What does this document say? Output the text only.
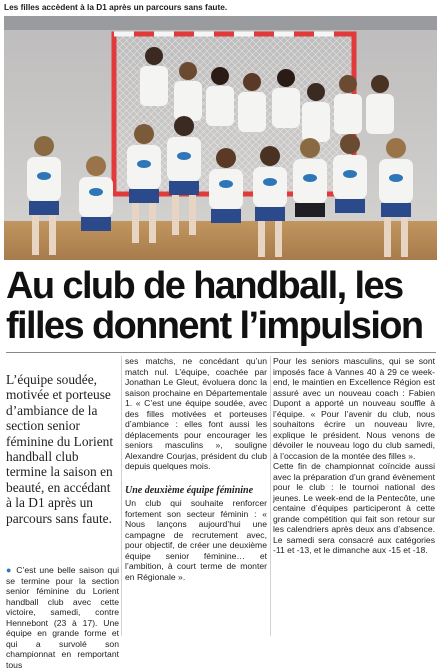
Les filles accèdent à la D1 après un parcours sans faute.
Au club de handball, les filles donnent l’impulsion

L’équipe soudée, motivée et porteuse d’ambiance de la section senior féminine du Lorient handball club termine la saison en beauté, en accédant à la D1 après un parcours sans faute.

● C’est une belle saison qui se termine pour la section senior féminine du Lorient handball club avec cette victoire, samedi, contre Hennebont (23 à 17). Une équipe en grande forme et qui a survolé son championnat en remportant tous

ses matchs, ne concédant qu’un match nul. L’équipe, coachée par Jonathan Le Gleut, évoluera donc la saison prochaine en Départementale 1. « C’est une équipe soudée, avec des filles motivées et porteuses d’ambiance : elles font aussi les déplacements pour encourager les seniors masculins », souligne Alexandre Courjas, président du club depuis quelques mois.

Une deuxième équipe féminine

Un club qui souhaite renforcer fortement son secteur féminin : « Nous lançons aujourd’hui une campagne de recrutement avec, pour objectif, de créer une deuxième équipe senior féminine… et l’ambition, à court terme de monter en Régionale ».

Pour les seniors masculins, qui se sont imposés face à Vannes 40 à 29 ce week-end, le maintien en Excellence Région est assuré avec un nouveau coach : Fabien Dupont a apporté un nouveau souffle à l’équipe. « Pour l’avenir du club, nous souhaitons écrire un nouveau livre, explique le président. Nous venons de dévoiler le nouveau logo du club samedi, à l’occasion de la montée des filles ».

Cette fin de championnat coïncide aussi avec la préparation d’un grand évènement pour le club : le tournoi national des jeunes. Le week-end de la Pentecôte, une centaine d’équipes participeront à cette grande compétition qui fait son retour sur les calendriers après deux ans d’absence. Le samedi sera consacré aux catégories -11 et -13, et le dimanche aux -15 et -18.
